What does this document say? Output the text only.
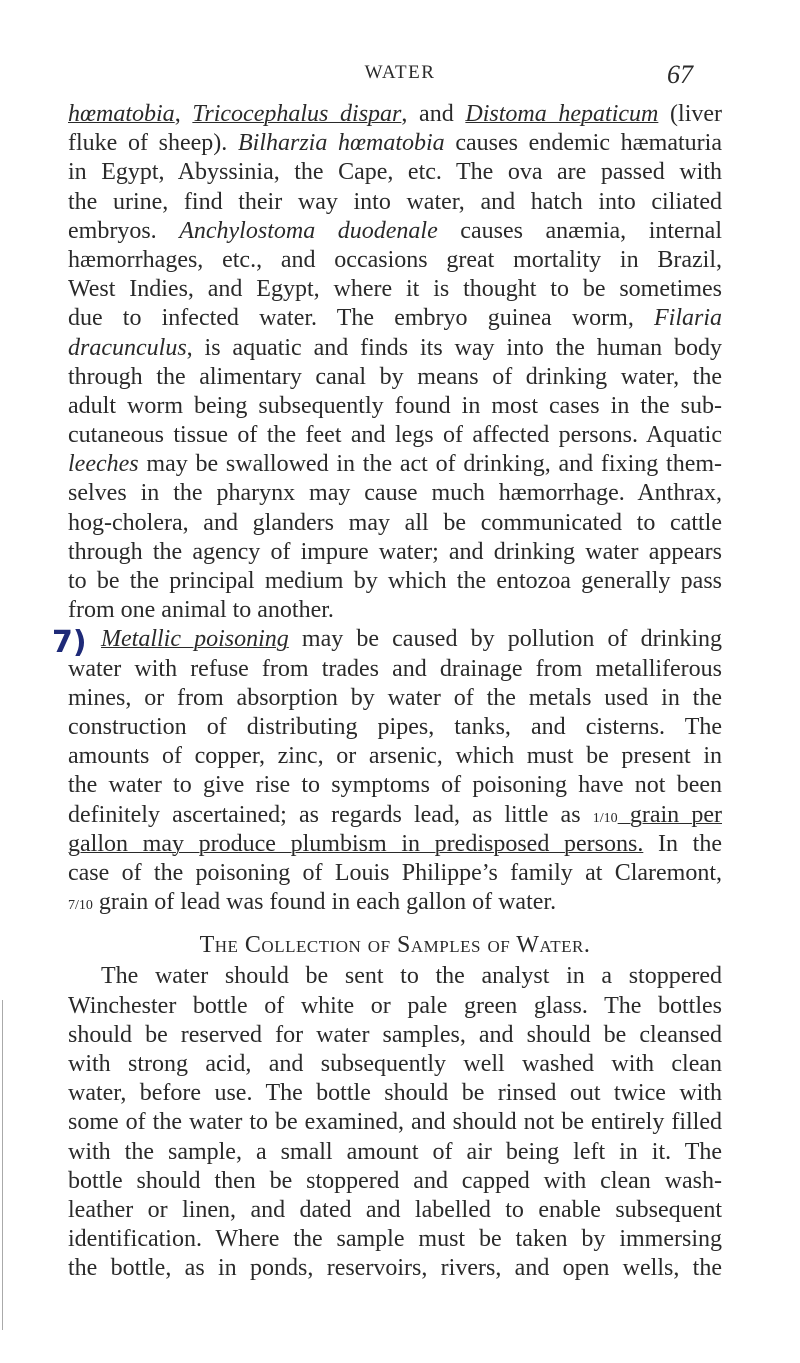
WATER	67
7)
hœmatobia, Tricocephalus dispar, and Distoma hepaticum (liver
fluke of sheep). Bilharzia hœmatobia causes endemic hæmaturia
in Egypt, Abyssinia, the Cape, etc. The ova are passed with
the urine, find their way into water, and hatch into ciliated
embryos. Anchylostoma duodenale causes anæmia, internal
hæmorrhages, etc., and occasions great mortality in Brazil,
West Indies, and Egypt, where it is thought to be sometimes
due to infected water. The embryo guinea worm, Filaria
dracunculus, is aquatic and finds its way into the human body
through the alimentary canal by means of drinking water, the
adult worm being subsequently found in most cases in the sub-
cutaneous tissue of the feet and legs of affected persons. Aquatic
leeches may be swallowed in the act of drinking, and fixing them-
selves in the pharynx may cause much hæmorrhage. Anthrax,
hog-cholera, and glanders may all be communicated to cattle
through the agency of impure water; and drinking water appears
to be the principal medium by which the entozoa generally pass
from one animal to another.
Metallic poisoning may be caused by pollution of drinking
water with refuse from trades and drainage from metalliferous
mines, or from absorption by water of the metals used in the
construction of distributing pipes, tanks, and cisterns. The
amounts of copper, zinc, or arsenic, which must be present in
the water to give rise to symptoms of poisoning have not been
definitely ascertained; as regards lead, as little as 1/10 grain per
gallon may produce plumbism in predisposed persons. In the
case of the poisoning of Louis Philippe’s family at Claremont,
7/10 grain of lead was found in each gallon of water.
The Collection of Samples of Water.
The water should be sent to the analyst in a stoppered
Winchester bottle of white or pale green glass. The bottles
should be reserved for water samples, and should be cleansed
with strong acid, and subsequently well washed with clean
water, before use. The bottle should be rinsed out twice with
some of the water to be examined, and should not be entirely filled
with the sample, a small amount of air being left in it. The
bottle should then be stoppered and capped with clean wash-
leather or linen, and dated and labelled to enable subsequent
identification. Where the sample must be taken by immersing
the bottle, as in ponds, reservoirs, rivers, and open wells, the
